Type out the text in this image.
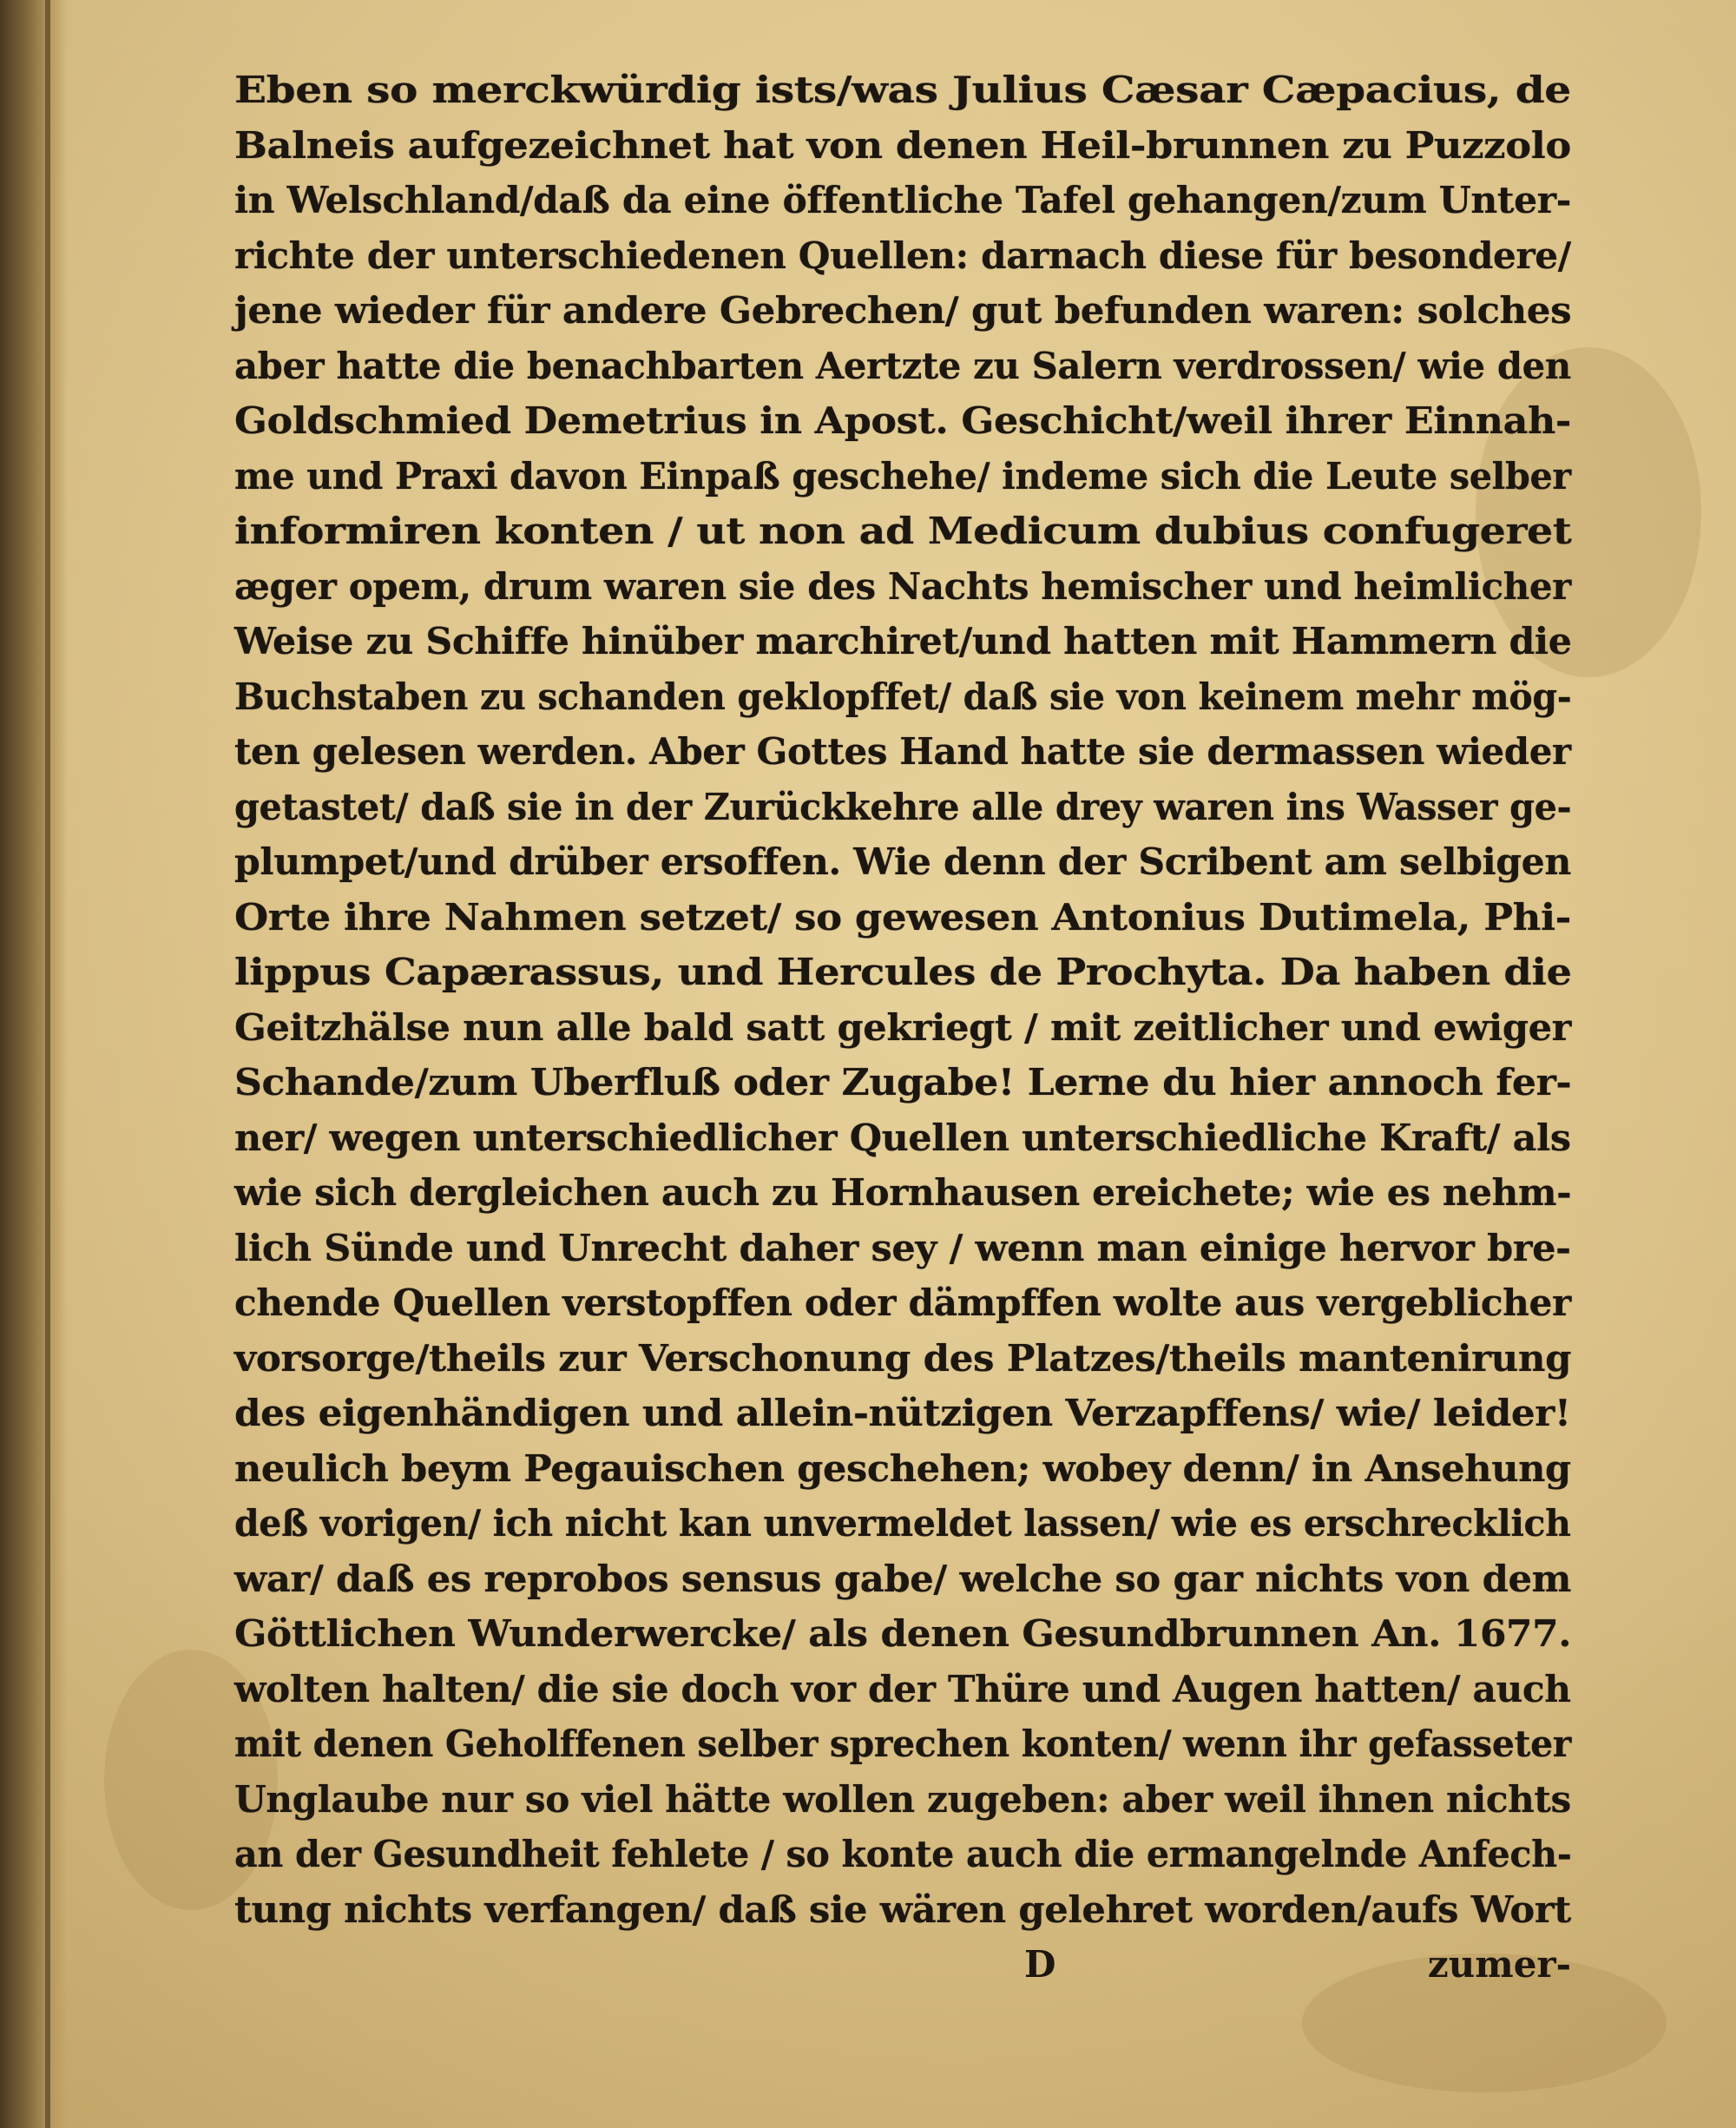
Eben so merckwürdig ists/was Julius Cæsar Cæpacius, de
Balneis aufgezeichnet hat von denen Heil-brunnen zu Puzzolo
in Welschland/daß da eine öffentliche Tafel gehangen/zum Unter-
richte der unterschiedenen Quellen: darnach diese für besondere/
jene wieder für andere Gebrechen/ gut befunden waren: solches
aber hatte die benachbarten Aertzte zu Salern verdrossen/ wie den
Goldschmied Demetrius in Apost. Geschicht/weil ihrer Einnah-
me und Praxi davon Einpaß geschehe/ indeme sich die Leute selber
informiren konten / ut non ad Medicum dubius confugeret
æger opem, drum waren sie des Nachts hemischer und heimlicher
Weise zu Schiffe hinüber marchiret/und hatten mit Hammern die
Buchstaben zu schanden geklopffet/ daß sie von keinem mehr mög-
ten gelesen werden. Aber Gottes Hand hatte sie dermassen wieder
getastet/ daß sie in der Zurückkehre alle drey waren ins Wasser ge-
plumpet/und drüber ersoffen. Wie denn der Scribent am selbigen
Orte ihre Nahmen setzet/ so gewesen Antonius Dutimela, Phi-
lippus Capærassus, und Hercules de Prochyta. Da haben die
Geitzhälse nun alle bald satt gekriegt / mit zeitlicher und ewiger
Schande/zum Uberfluß oder Zugabe! Lerne du hier annoch fer-
ner/ wegen unterschiedlicher Quellen unterschiedliche Kraft/ als
wie sich dergleichen auch zu Hornhausen ereichete; wie es nehm-
lich Sünde und Unrecht daher sey / wenn man einige hervor bre-
chende Quellen verstopffen oder dämpffen wolte aus vergeblicher
vorsorge/theils zur Verschonung des Platzes/theils mantenirung
des eigenhändigen und allein-nützigen Verzapffens/ wie/ leider!
neulich beym Pegauischen geschehen; wobey denn/ in Ansehung
deß vorigen/ ich nicht kan unvermeldet lassen/ wie es erschrecklich
war/ daß es reprobos sensus gabe/ welche so gar nichts von dem
Göttlichen Wunderwercke/ als denen Gesundbrunnen An. 1677.
wolten halten/ die sie doch vor der Thüre und Augen hatten/ auch
mit denen Geholffenen selber sprechen konten/ wenn ihr gefasseter
Unglaube nur so viel hätte wollen zugeben: aber weil ihnen nichts
an der Gesundheit fehlete / so konte auch die ermangelnde Anfech-
tung nichts verfangen/ daß sie wären gelehret worden/aufs Wort
D	zumer-
